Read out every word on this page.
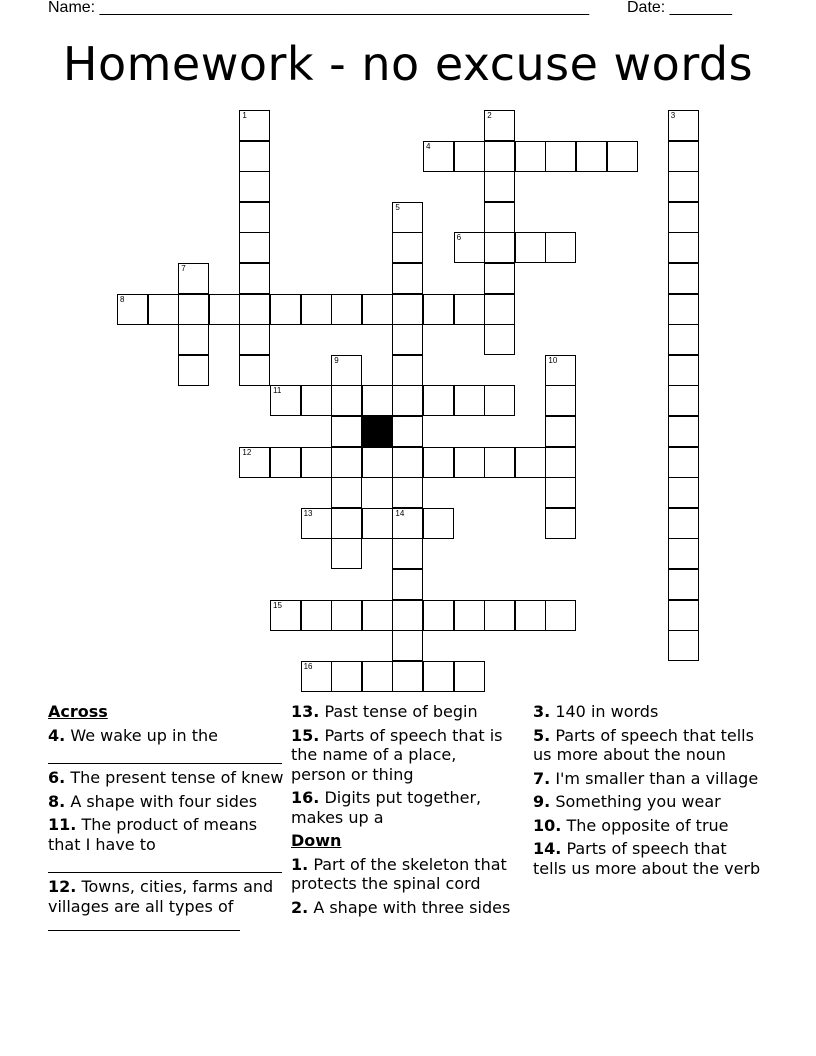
Name: _______________________________________________________ Date: _______
Homework - no excuse words
1	2	3
4
5
14
6
7
8
9	10
11
12
13
15
16
Across
4. We wake up in the
6. The present tense of knew
8. A shape with four sides
11. The product of means that I have to
12. Towns, cities, farms and villages are all types of
13. Past tense of begin
15. Parts of speech that is the name of a place, person or thing
16. Digits put together, makes up a
Down
1. Part of the skeleton that protects the spinal cord
2. A shape with three sides
3. 140 in words
5. Parts of speech that tells us more about the noun
7. I'm smaller than a village
9. Something you wear
10. The opposite of true
14. Parts of speech that tells us more about the verb
